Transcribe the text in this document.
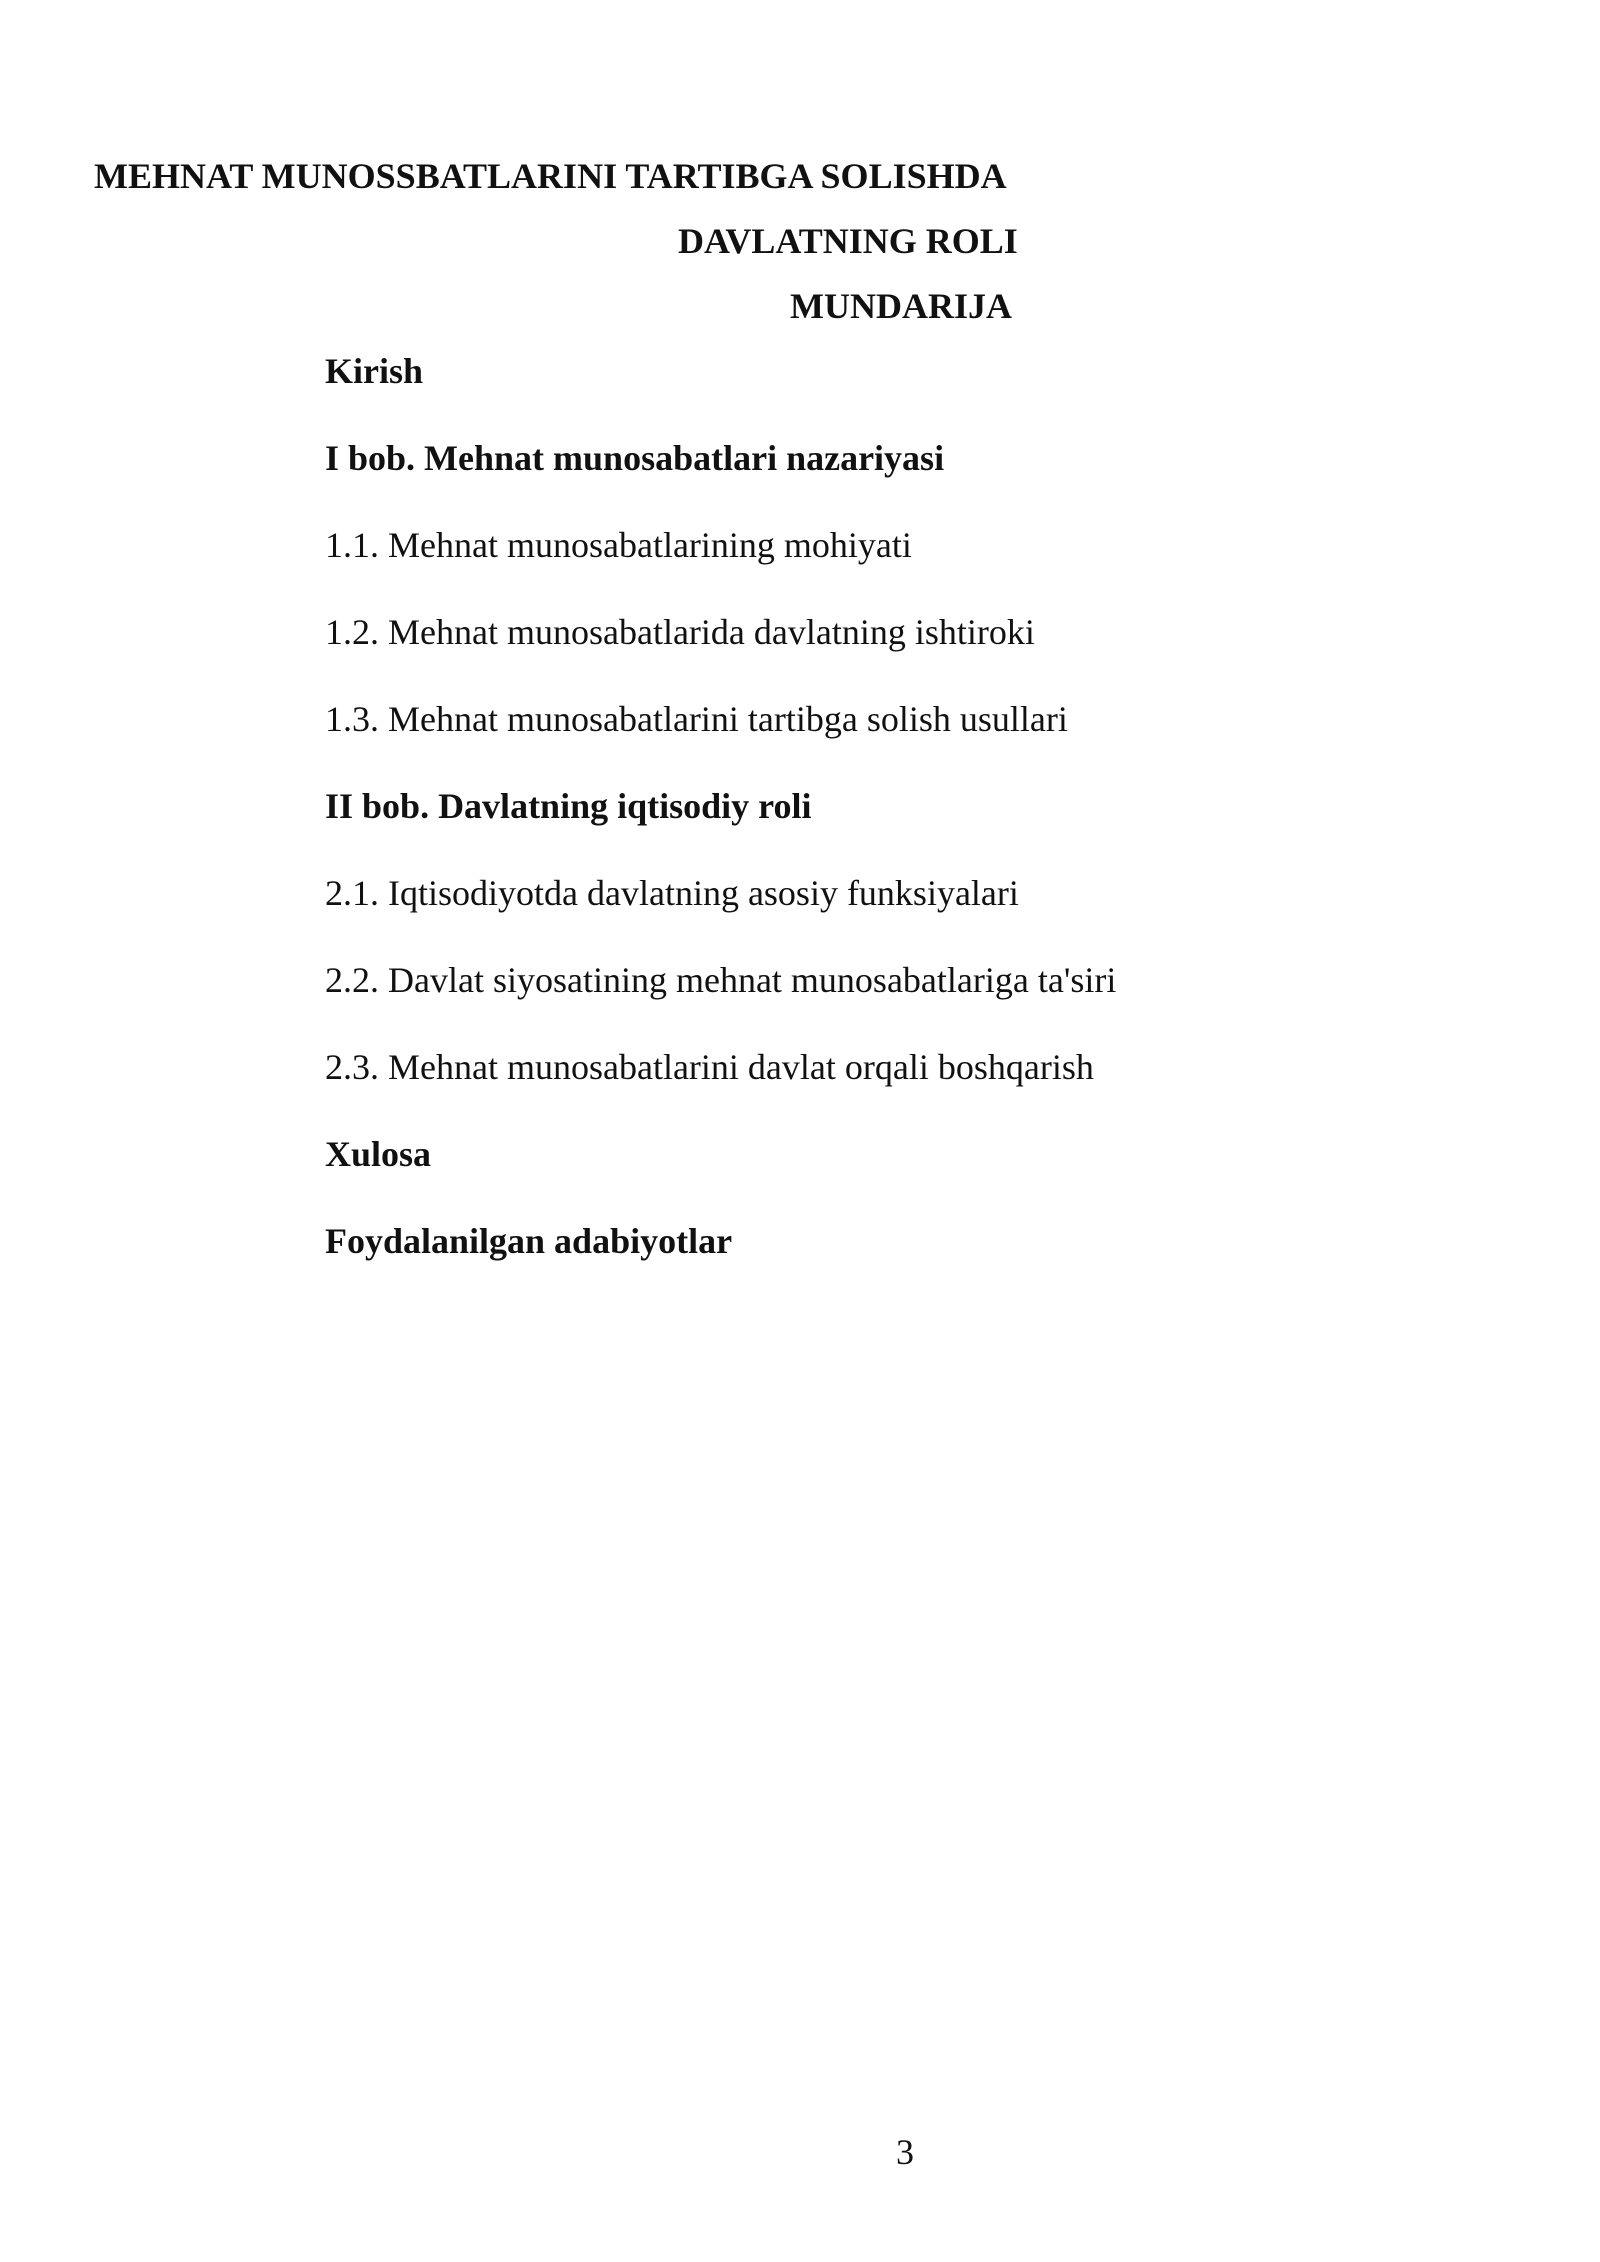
MEHNAT MUNOSSBATLARINI TARTIBGA SOLISHDA
DAVLATNING ROLI
MUNDARIJA
Kirish
I bob. Mehnat munosabatlari nazariyasi
1.1. Mehnat munosabatlarining mohiyati
1.2. Mehnat munosabatlarida davlatning ishtiroki
1.3. Mehnat munosabatlarini tartibga solish usullari
II bob. Davlatning iqtisodiy roli
2.1. Iqtisodiyotda davlatning asosiy funksiyalari
2.2. Davlat siyosatining mehnat munosabatlariga ta'siri
2.3. Mehnat munosabatlarini davlat orqali boshqarish
Xulosa
Foydalanilgan adabiyotlar
3
